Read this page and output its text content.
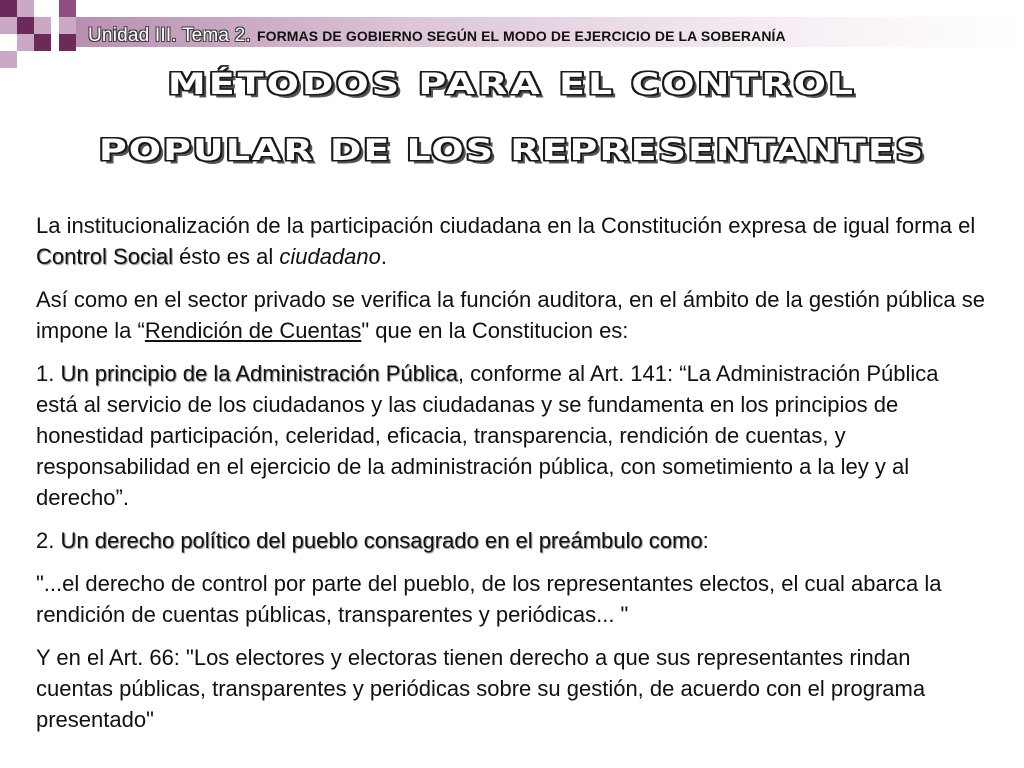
Unidad III. Tema 2. FORMAS DE GOBIERNO SEGÚN EL MODO DE EJERCICIO DE LA SOBERANÍA
MÉTODOS PARA EL CONTROL
POPULAR DE LOS REPRESENTANTES

La institucionalización de la participación ciudadana en la Constitución expresa de igual forma el Control Social ésto es al ciudadano.

Así como en el sector privado se verifica la función auditora, en el ámbito de la gestión pública se impone la “Rendición de Cuentas" que en la Constitucion es:

1. Un principio de la Administración Pública, conforme al Art. 141: “La Administración Pública está al servicio de los ciudadanos y las ciudadanas y se fundamenta en los principios de honestidad participación, celeridad, eficacia, transparencia, rendición de cuentas, y responsabilidad en el ejercicio de la administración pública, con sometimiento a la ley y al derecho”.

2. Un derecho político del pueblo consagrado en el preámbulo como:

"...el derecho de control por parte del pueblo, de los representantes electos, el cual abarca la rendición de cuentas públicas, transparentes y periódicas... "

Y en el Art. 66: "Los electores y electoras tienen derecho a que sus representantes rindan cuentas públicas, transparentes y periódicas sobre su gestión, de acuerdo con el programa presentado"
